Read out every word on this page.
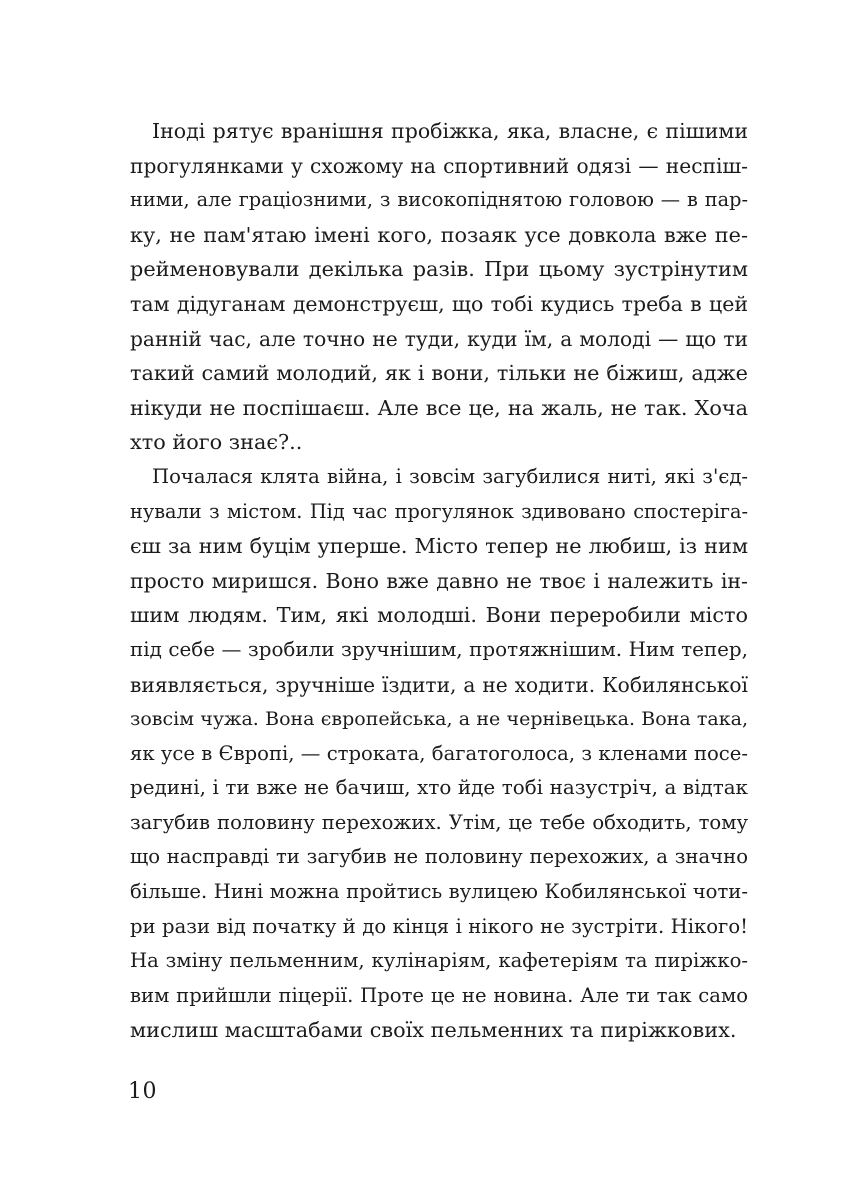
Іноді рятує вранішня пробіжка, яка, власне, є пішими
прогулянками у схожому на спортивний одязі — неспіш-
ними, але граціозними, з високопіднятою головою — в пар-
ку, не пам'ятаю імені кого, позаяк усе довкола вже пе-
рейменовували декілька разів. При цьому зустрінутим
там дідуганам демонструєш, що тобі кудись треба в цей
ранній час, але точно не туди, куди їм, а молоді — що ти
такий самий молодий, як і вони, тільки не біжиш, адже
нікуди не поспішаєш. Але все це, на жаль, не так. Хоча
хто його знає?..
Почалася клята війна, і зовсім загубилися ниті, які з'єд-
нували з містом. Під час прогулянок здивовано спостеріга-
єш за ним буцім уперше. Місто тепер не любиш, із ним
просто миришся. Воно вже давно не твоє і належить ін-
шим людям. Тим, які молодші. Вони переробили місто
під себе — зробили зручнішим, протяжнішим. Ним тепер,
виявляється, зручніше їздити, а не ходити. Кобилянської
зовсім чужа. Вона європейська, а не чернівецька. Вона така,
як усе в Європі, — строката, багатоголоса, з кленами посе-
редині, і ти вже не бачиш, хто йде тобі назустріч, а відтак
загубив половину перехожих. Утім, це тебе обходить, тому
що насправді ти загубив не половину перехожих, а значно
більше. Нині можна пройтись вулицею Кобилянської чоти-
ри рази від початку й до кінця і нікого не зустріти. Нікого!
На зміну пельменним, кулінаріям, кафетеріям та пиріжко-
вим прийшли піцерії. Проте це не новина. Але ти так само
мислиш масштабами своїх пельменних та пиріжкових.
10
